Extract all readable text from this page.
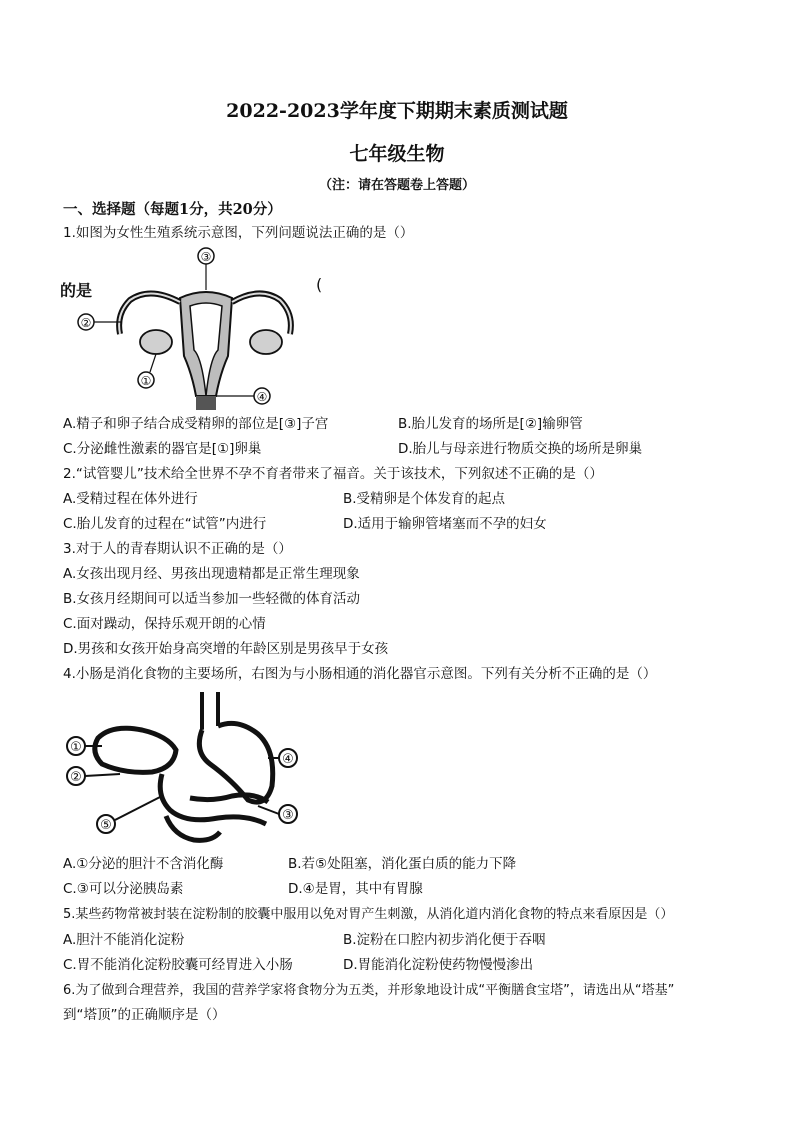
2022-2023学年度下期期末素质测试题
七年级生物
（注：请在答题卷上答题）
一、选择题（每题1分，共20分）
1.如图为女性生殖系统示意图，下列问题说法正确的是（）
的是	(
③
②
①
④
A.精子和卵子结合成受精卵的部位是[③]子宫	B.胎儿发育的场所是[②]输卵管
C.分泌雌性激素的器官是[①]卵巢	D.胎儿与母亲进行物质交换的场所是卵巢
2.“试管婴儿”技术给全世界不孕不育者带来了福音。关于该技术，下列叙述不正确的是（）
A.受精过程在体外进行	B.受精卵是个体发育的起点
C.胎儿发育的过程在“试管”内进行	D.适用于输卵管堵塞而不孕的妇女
3.对于人的青春期认识不正确的是（）
A.女孩出现月经、男孩出现遗精都是正常生理现象
B.女孩月经期间可以适当参加一些轻微的体育活动
C.面对躁动，保持乐观开朗的心情
D.男孩和女孩开始身高突增的年龄区别是男孩早于女孩
4.小肠是消化食物的主要场所，右图为与小肠相通的消化器官示意图。下列有关分析不正确的是（）
①
②
④
③
⑤
A.①分泌的胆汁不含消化酶	B.若⑤处阻塞，消化蛋白质的能力下降
C.③可以分泌胰岛素	D.④是胃，其中有胃腺
5.某些药物常被封装在淀粉制的胶囊中服用以免对胃产生刺激，从消化道内消化食物的特点来看原因是（）
A.胆汁不能消化淀粉	B.淀粉在口腔内初步消化便于吞咽
C.胃不能消化淀粉胶囊可经胃进入小肠	D.胃能消化淀粉使药物慢慢渗出
6.为了做到合理营养，我国的营养学家将食物分为五类，并形象地设计成“平衡膳食宝塔”，请选出从“塔基”
到“塔顶”的正确顺序是（）
